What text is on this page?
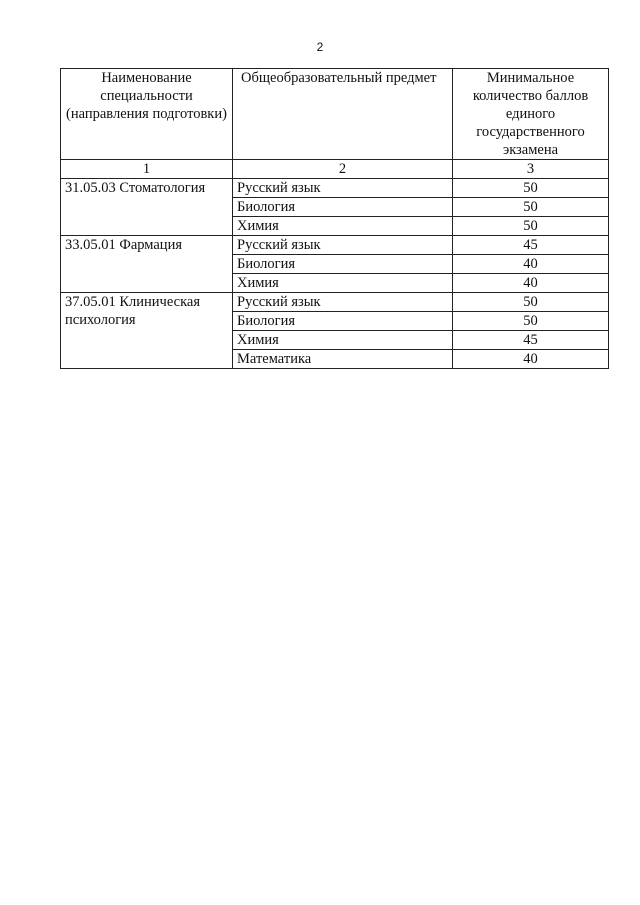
2
Наименование специальности (направления подготовки)	Общеобразовательный предмет	Минимальное количество баллов единого государственного экзамена
1	2	3
31.05.03 Стоматология	Русский язык	50
	Биология	50
	Химия	50
33.05.01 Фармация	Русский язык	45
	Биология	40
	Химия	40
37.05.01 Клиническая психология	Русский язык	50
	Биология	50
	Химия	45
	Математика	40
